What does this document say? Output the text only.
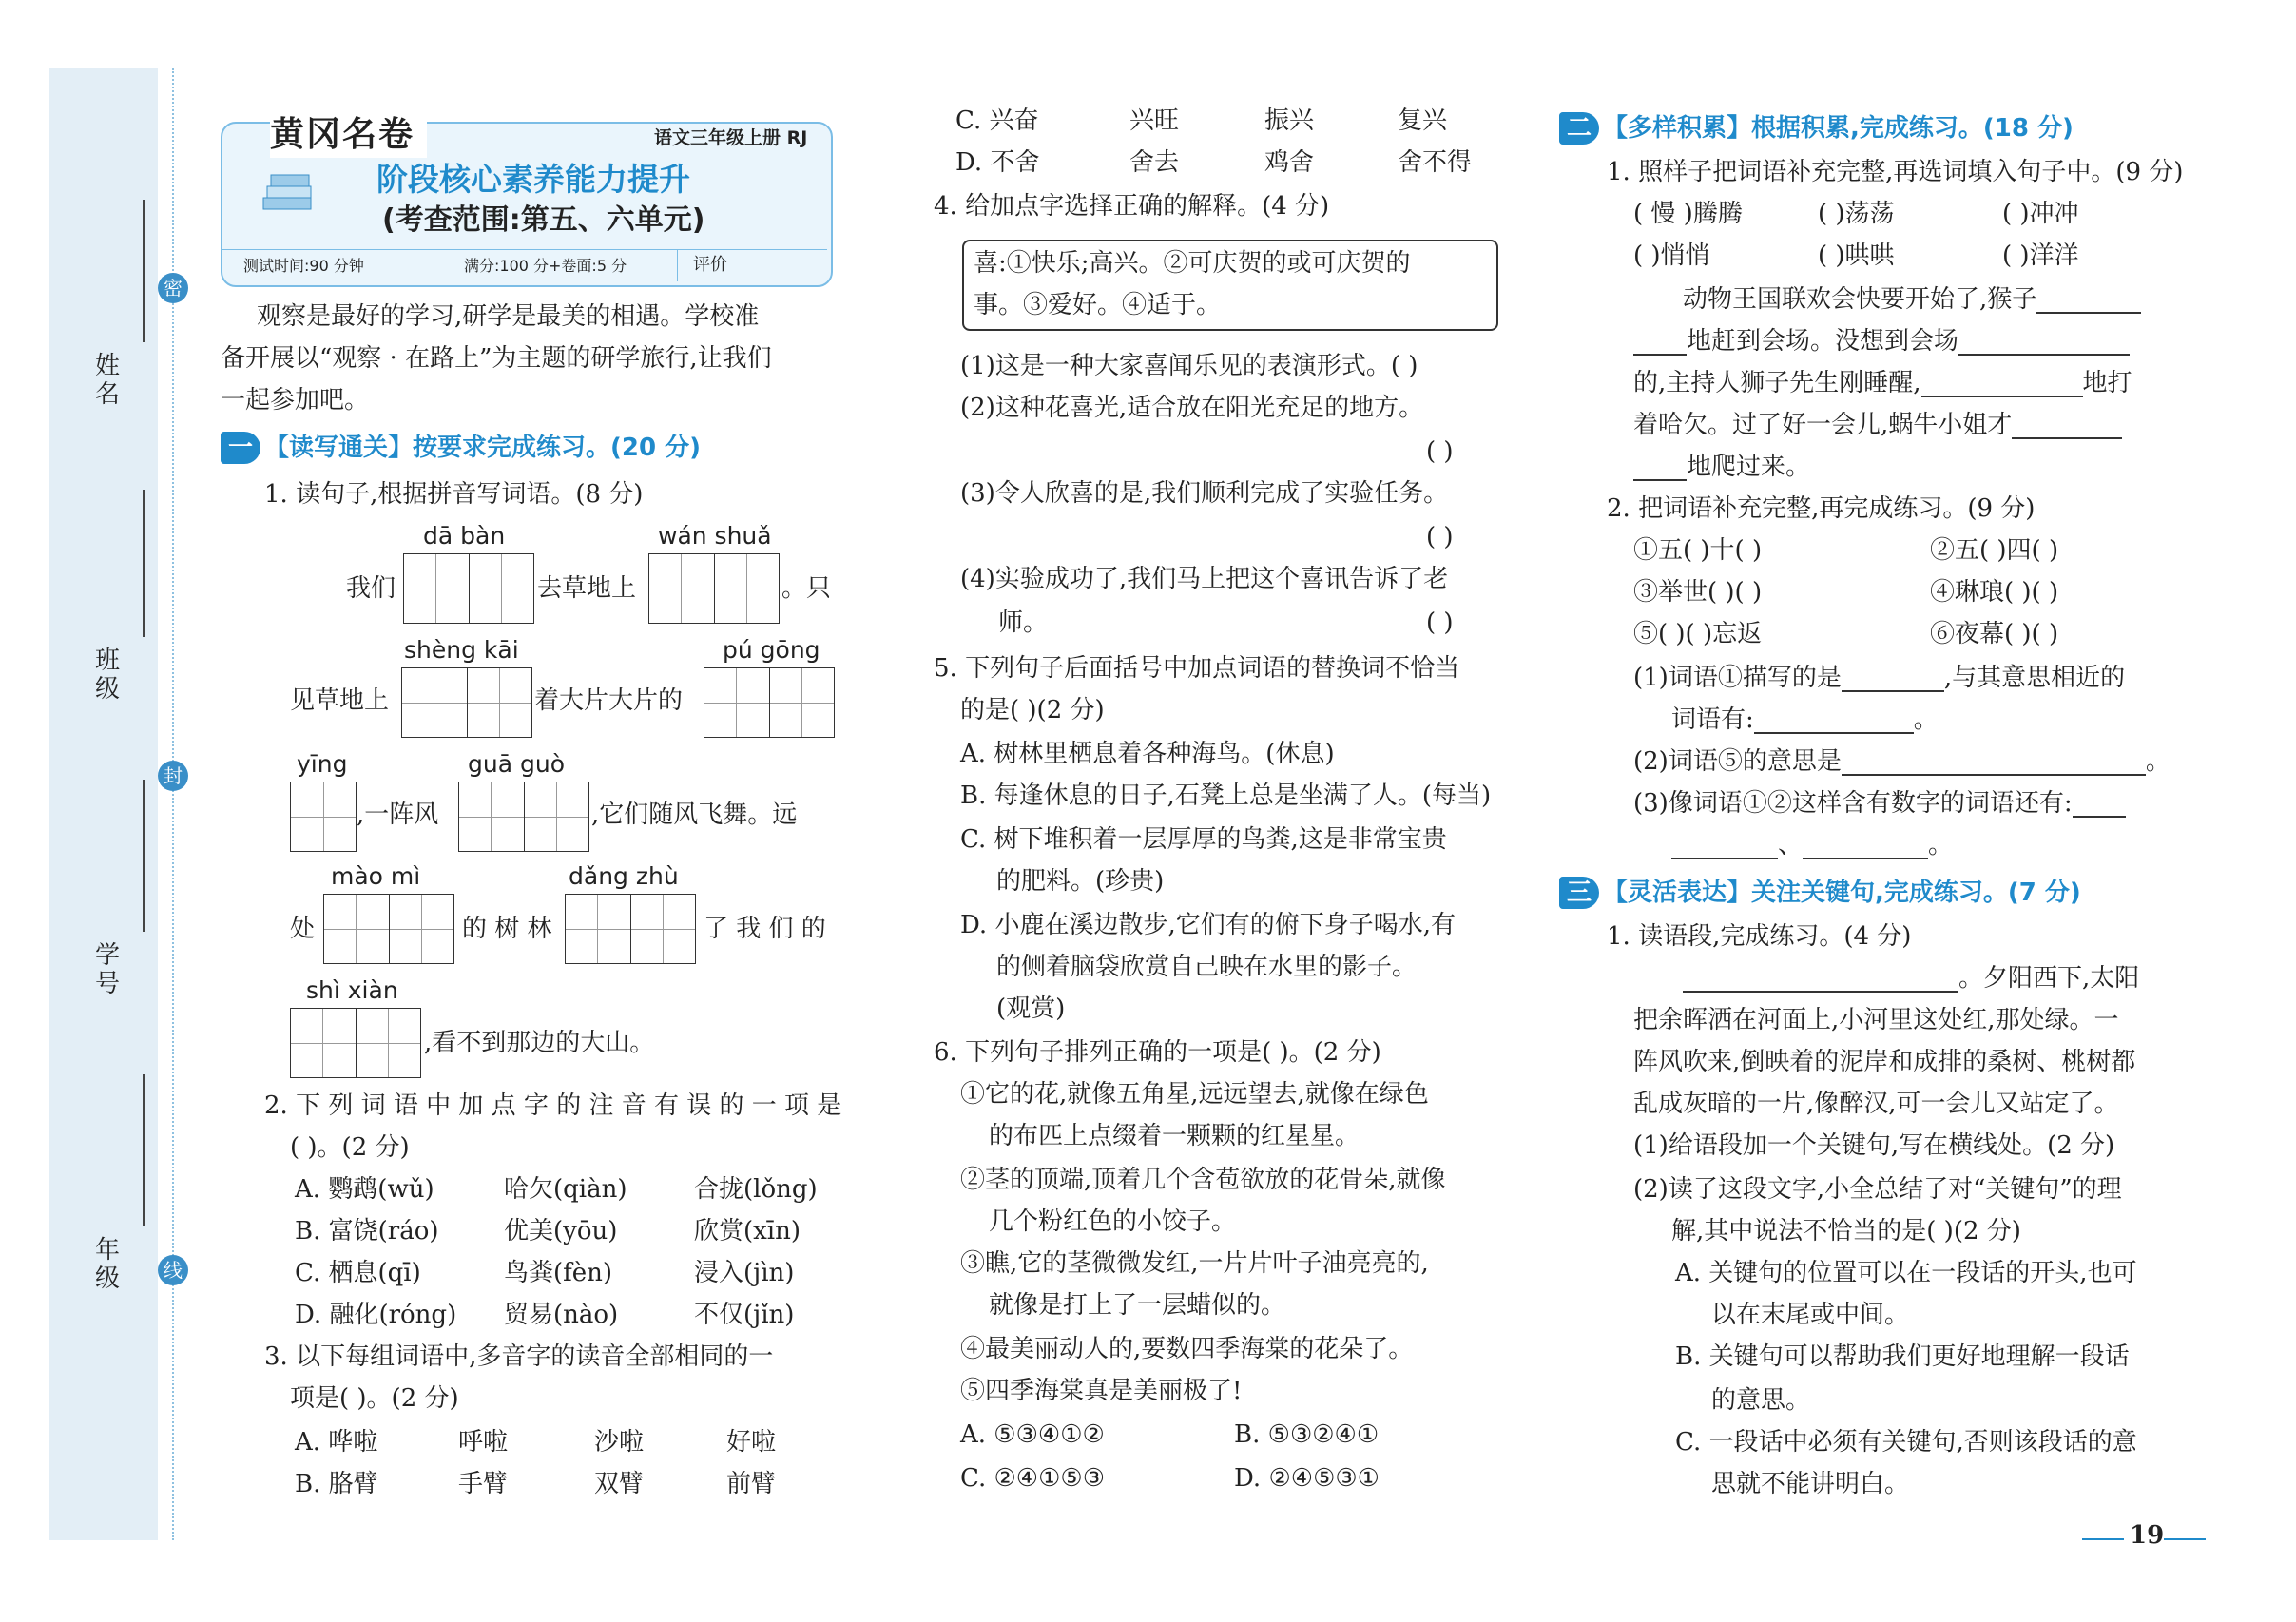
姓名
班级
学号
年级
密
封
线
黄冈名卷	语文三年级上册 RJ
阶段核心素养能力提升
(考查范围:第五、六单元)
测试时间:90 分钟	满分:100 分+卷面:5 分	评价
观察是最好的学习,研学是最美的相遇。学校准
备开展以“观察 · 在路上”为主题的研学旅行,让我们
一起参加吧。
一 【读写通关】按要求完成练习。(20 分)
1. 读句子,根据拼音写词语。(8 分)
dā bàn	wán shuǎ
我们	去草地上	。只
shèng kāi	pú gōng
见草地上	着大片大片的
yīng	guā guò
,一阵风	,它们随风飞舞。远
mào mì	dǎng zhù
处	的 树 林	了 我 们 的
shì xiàn
,看不到那边的大山。
2. 下 列 词 语 中 加 点 字 的 注 音 有 误 的 一 项 是
( )。(2 分)
A. 鹦鹉(wǔ)	哈欠(qiàn)	合拢(lǒng)
B. 富饶(ráo)	优美(yōu)	欣赏(xīn)
C. 栖息(qī)	鸟粪(fèn)	浸入(jìn)
D. 融化(róng) 贸易(nào)	不仅(jǐn)
3. 以下每组词语中,多音字的读音全部相同的一
项是( )。(2 分)
A. 哗啦	呼啦	沙啦	好啦
B. 胳臂	手臂	双臂	前臂
C. 兴奋	兴旺	振兴	复兴
D. 不舍	舍去	鸡舍	舍不得
4. 给加点字选择正确的解释。(4 分)
喜:①快乐;高兴。②可庆贺的或可庆贺的
事。③爱好。④适于。
(1)这是一种大家喜闻乐见的表演形式。( )
(2)这种花喜光,适合放在阳光充足的地方。
( )
(3)令人欣喜的是,我们顺利完成了实验任务。
( )
(4)实验成功了,我们马上把这个喜讯告诉了老
师。	( )
5. 下列句子后面括号中加点词语的替换词不恰当
的是( )(2 分)
A. 树林里栖息着各种海鸟。(休息)
B. 每逢休息的日子,石凳上总是坐满了人。(每当)
C. 树下堆积着一层厚厚的鸟粪,这是非常宝贵
的肥料。(珍贵)
D. 小鹿在溪边散步,它们有的俯下身子喝水,有
的侧着脑袋欣赏自己映在水里的影子。
(观赏)
6. 下列句子排列正确的一项是( )。(2 分)
①它的花,就像五角星,远远望去,就像在绿色
的布匹上点缀着一颗颗的红星星。
②茎的顶端,顶着几个含苞欲放的花骨朵,就像
几个粉红色的小饺子。
③瞧,它的茎微微发红,一片片叶子油亮亮的,
就像是打上了一层蜡似的。
④最美丽动人的,要数四季海棠的花朵了。
⑤四季海棠真是美丽极了!
A. ⑤③④①②	B. ⑤③②④①
C. ②④①⑤③	D. ②④⑤③①
二 【多样积累】根据积累,完成练习。(18 分)
1. 照样子把词语补充完整,再选词填入句子中。(9 分)
( 慢 )腾腾	( )荡荡	( )冲冲
( )悄悄	( )哄哄	( )洋洋
动物王国联欢会快要开始了,猴子
地赶到会场。没想到会场
的,主持人狮子先生刚睡醒,	地打
着哈欠。过了好一会儿,蜗牛小姐才
地爬过来。
2. 把词语补充完整,再完成练习。(9 分)
①五( )十( )	②五( )四( )
③举世( )( )	④琳琅( )( )
⑤( )( )忘返	⑥夜幕( )( )
(1)词语①描写的是	,与其意思相近的
词语有:	。
(2)词语⑤的意思是	。
(3)像词语①②这样含有数字的词语还有:
、	。
三 【灵活表达】关注关键句,完成练习。(7 分)
1. 读语段,完成练习。(4 分)
。夕阳西下,太阳
把余晖洒在河面上,小河里这处红,那处绿。一
阵风吹来,倒映着的泥岸和成排的桑树、桃树都
乱成灰暗的一片,像醉汉,可一会儿又站定了。
(1)给语段加一个关键句,写在横线处。(2 分)
(2)读了这段文字,小全总结了对“关键句”的理
解,其中说法不恰当的是( )(2 分)
A. 关键句的位置可以在一段话的开头,也可
以在末尾或中间。
B. 关键句可以帮助我们更好地理解一段话
的意思。
C. 一段话中必须有关键句,否则该段话的意
思就不能讲明白。
19
